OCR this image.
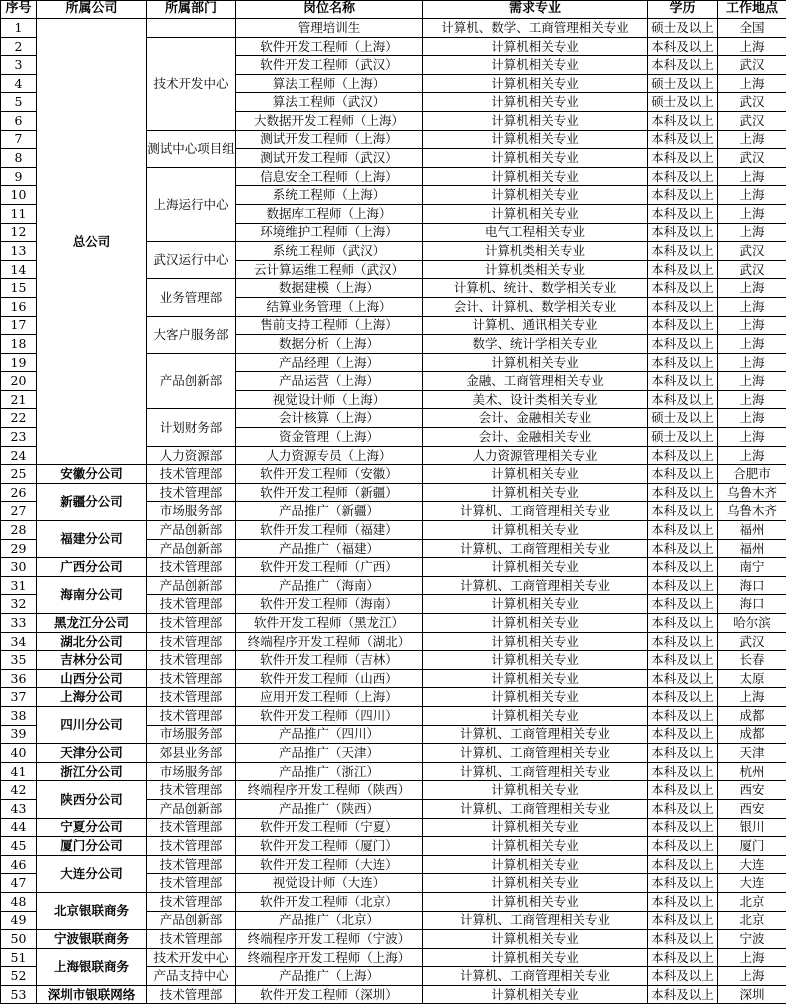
序号	所属公司	所属部门	岗位名称	需求专业	学历	工作地点
1	总公司		管理培训生	计算机、数学、工商管理相关专业	硕士及以上	全国
2		技术开发中心	软件开发工程师（上海）	计算机相关专业	本科及以上	上海
3			软件开发工程师（武汉）	计算机相关专业	本科及以上	武汉
4			算法工程师（上海）	计算机相关专业	硕士及以上	上海
5			算法工程师（武汉）	计算机相关专业	硕士及以上	武汉
6			大数据开发工程师（上海）	计算机相关专业	本科及以上	武汉
7		测试中心项目组	测试开发工程师（上海）	计算机相关专业	本科及以上	上海
8			测试开发工程师（武汉）	计算机相关专业	本科及以上	武汉
9		上海运行中心	信息安全工程师（上海）	计算机相关专业	本科及以上	上海
10			系统工程师（上海）	计算机相关专业	本科及以上	上海
11			数据库工程师（上海）	计算机相关专业	本科及以上	上海
12			环境维护工程师（上海）	电气工程相关专业	本科及以上	上海
13		武汉运行中心	系统工程师（武汉）	计算机类相关专业	本科及以上	武汉
14			云计算运维工程师（武汉）	计算机类相关专业	本科及以上	武汉
15		业务管理部	数据建模（上海）	计算机、统计、数学相关专业	本科及以上	上海
16			结算业务管理（上海）	会计、计算机、数学相关专业	本科及以上	上海
17		大客户服务部	售前支持工程师（上海）	计算机、通讯相关专业	本科及以上	上海
18			数据分析（上海）	数学、统计学相关专业	本科及以上	上海
19		产品创新部	产品经理（上海）	计算机相关专业	本科及以上	上海
20			产品运营（上海）	金融、工商管理相关专业	本科及以上	上海
21			视觉设计师（上海）	美术、设计类相关专业	本科及以上	上海
22		计划财务部	会计核算（上海）	会计、金融相关专业	硕士及以上	上海
23			资金管理（上海）	会计、金融相关专业	硕士及以上	上海
24		人力资源部	人力资源专员（上海）	人力资源管理相关专业	本科及以上	上海
25	安徽分公司	技术管理部	软件开发工程师（安徽）	计算机相关专业	本科及以上	合肥市
26	新疆分公司	技术管理部	软件开发工程师（新疆）	计算机相关专业	本科及以上	乌鲁木齐
27		市场服务部	产品推广（新疆）	计算机、工商管理相关专业	本科及以上	乌鲁木齐
28	福建分公司	产品创新部	软件开发工程师（福建）	计算机相关专业	本科及以上	福州
29		产品创新部	产品推广（福建）	计算机、工商管理相关专业	本科及以上	福州
30	广西分公司	技术管理部	软件开发工程师（广西）	计算机相关专业	本科及以上	南宁
31	海南分公司	产品创新部	产品推广（海南）	计算机、工商管理相关专业	本科及以上	海口
32		技术管理部	软件开发工程师（海南）	计算机相关专业	本科及以上	海口
33	黑龙江分公司	技术管理部	软件开发工程师（黑龙江）	计算机相关专业	本科及以上	哈尔滨
34	湖北分公司	技术管理部	终端程序开发工程师（湖北）	计算机相关专业	本科及以上	武汉
35	吉林分公司	技术管理部	软件开发工程师（吉林）	计算机相关专业	本科及以上	长春
36	山西分公司	技术管理部	软件开发工程师（山西）	计算机相关专业	本科及以上	太原
37	上海分公司	技术管理部	应用开发工程师（上海）	计算机相关专业	本科及以上	上海
38	四川分公司	技术管理部	软件开发工程师（四川）	计算机相关专业	本科及以上	成都
39		市场服务部	产品推广（四川）	计算机、工商管理相关专业	本科及以上	成都
40	天津分公司	郊县业务部	产品推广（天津）	计算机、工商管理相关专业	本科及以上	天津
41	浙江分公司	市场服务部	产品推广（浙江）	计算机、工商管理相关专业	本科及以上	杭州
42	陕西分公司	技术管理部	终端程序开发工程师（陕西）	计算机相关专业	本科及以上	西安
43		产品创新部	产品推广（陕西）	计算机、工商管理相关专业	本科及以上	西安
44	宁夏分公司	技术管理部	软件开发工程师（宁夏）	计算机相关专业	本科及以上	银川
45	厦门分公司	技术管理部	软件开发工程师（厦门）	计算机相关专业	本科及以上	厦门
46	大连分公司	技术管理部	软件开发工程师（大连）	计算机相关专业	本科及以上	大连
47		技术管理部	视觉设计师（大连）	计算机相关专业	本科及以上	大连
48	北京银联商务	技术管理部	软件开发工程师（北京）	计算机相关专业	本科及以上	北京
49		产品创新部	产品推广（北京）	计算机、工商管理相关专业	本科及以上	北京
50	宁波银联商务	技术管理部	终端程序开发工程师（宁波）	计算机相关专业	本科及以上	宁波
51	上海银联商务	技术开发中心	终端程序开发工程师（上海）	计算机相关专业	本科及以上	上海
52		产品支持中心	产品推广（上海）	计算机、工商管理相关专业	本科及以上	上海
53	深圳市银联网络	技术管理部	软件开发工程师（深圳）	计算机相关专业	本科及以上	深圳
